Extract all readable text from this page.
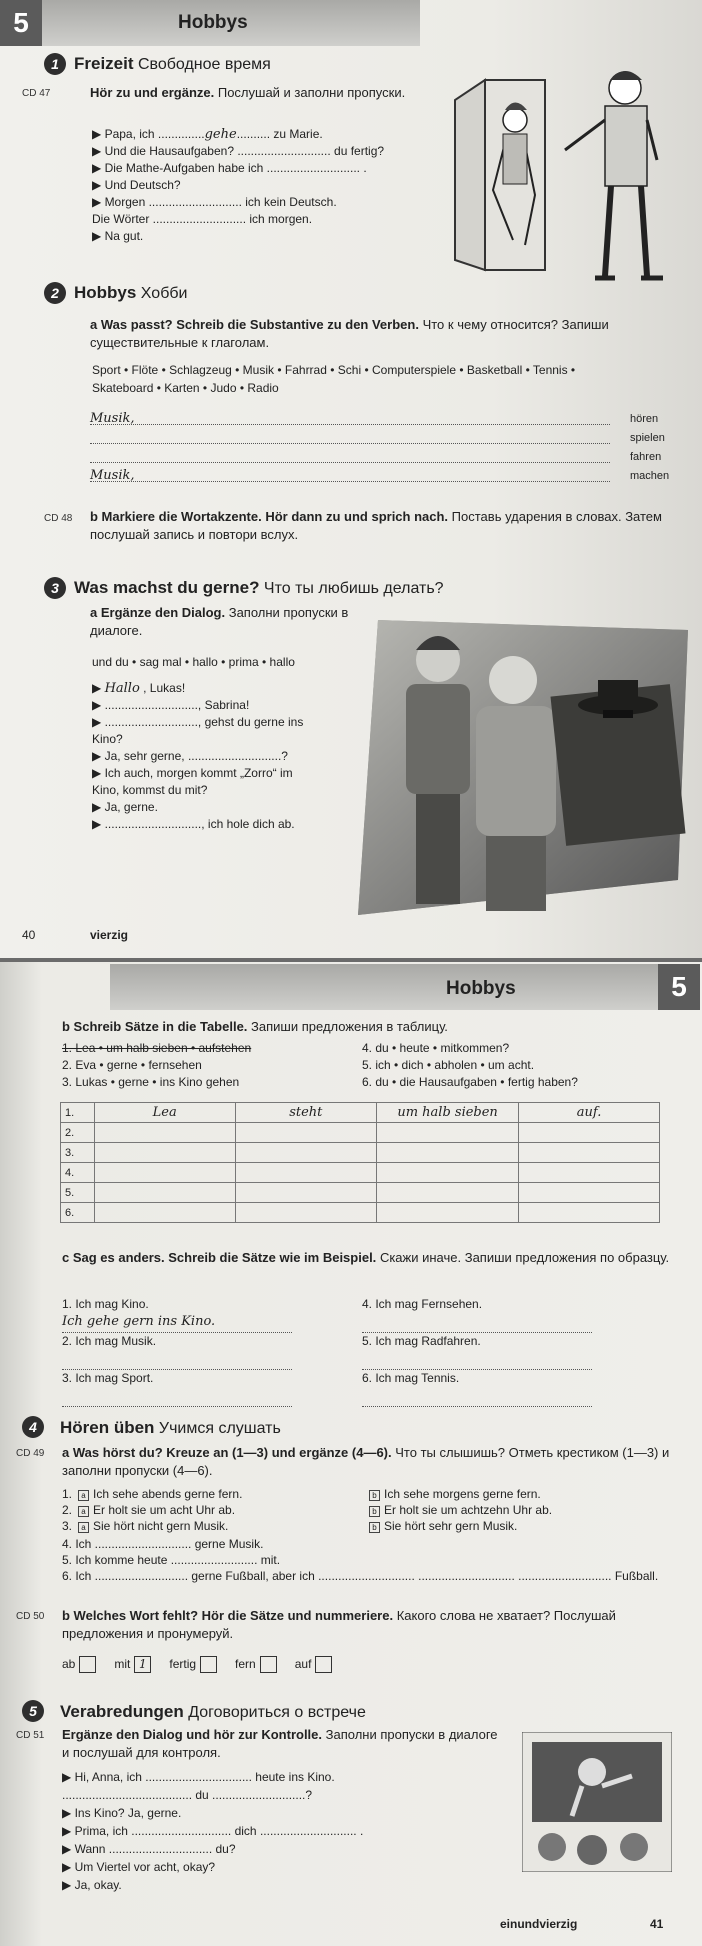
5	Hobbys
1 Freizeit Свободное время
CD 47	Hör zu und ergänze. Послушай и заполни пропуски.
▶ Papa, ich ..............gehe.......... zu Marie.
▶ Und die Hausaufgaben? ............................ du fertig?
▶ Die Mathe-Aufgaben habe ich ............................ .
▶ Und Deutsch?
▶ Morgen ............................ ich kein Deutsch.
Die Wörter ............................ ich morgen.
▶ Na gut.
2 Hobbys Хобби
a Was passt? Schreib die Substantive zu den Verben. Что к чему относится? Запиши существительные к глаголам.
Sport • Flöte • Schlagzeug • Musik • Fahrrad • Schi • Computerspiele • Basketball • Tennis •
Skateboard • Karten • Judo • Radio
Musik,	hören
spielen
fahren
Musik,	machen
CD 48 b Markiere die Wortakzente. Hör dann zu und sprich nach. Поставь ударения в словах. Затем послушай запись и повтори вслух.
3 Was machst du gerne? Что ты любишь делать?
a Ergänze den Dialog. Заполни пропуски в диалоге.
und du • sag mal • hallo • prima • hallo
▶ Hallo , Lukas!
▶ ............................, Sabrina!
▶ ............................, gehst du gerne ins
Kino?
▶ Ja, sehr gerne, ............................?
▶ Ich auch, morgen kommt „Zorro“ im
Kino, kommst du mit?
▶ Ja, gerne.
▶ ............................., ich hole dich ab.
40	vierzig
5
Hobbys
b Schreib Sätze in die Tabelle. Запиши предложения в таблицу.
1. Lea • um halb sieben • aufstehen
2. Eva • gerne • fernsehen
3. Lukas • gerne • ins Kino gehen
4. du • heute • mitkommen?
5. ich • dich • abholen • um acht.
6. du • die Hausaufgaben • fertig haben?
1.	Lea	steht	um halb sieben	auf.
2.				
3.				
4.				
5.				
6.				
c Sag es anders. Schreib die Sätze wie im Beispiel. Скажи иначе. Запиши предложения по образцу.
1. Ich mag Kino.
Ich gehe gern ins Kino.
2. Ich mag Musik.
3. Ich mag Sport.
4. Ich mag Fernsehen.
5. Ich mag Radfahren.
6. Ich mag Tennis.
4	Hören üben Учимся слушать
CD 49 a Was hörst du? Kreuze an (1—3) und ergänze (4—6). Что ты слышишь? Отметь крестиком (1—3) и заполни пропуски (4—6).
1. a Ich sehe abends gerne fern.	b Ich sehe morgens gerne fern.
2. a Er holt sie um acht Uhr ab.	b Er holt sie um achtzehn Uhr ab.
3. a Sie hört nicht gern Musik.	b Sie hört sehr gern Musik.
4. Ich ............................. gerne Musik.
5. Ich komme heute .......................... mit.
6. Ich ............................ gerne Fußball, aber ich ............................. ............................. ............................ Fußball.
CD 50 b Welches Wort fehlt? Hör die Sätze und nummeriere. Какого слова не хватает? Послушай предложения и пронумеруй.
ab	mit 1 fertig	fern	auf
5	Verabredungen Договориться о встрече
CD 51 Ergänze den Dialog und hör zur Kontrolle. Заполни пропуски в диалоге и послушай для контроля.
▶ Hi, Anna, ich ................................ heute ins Kino.
....................................... du ............................?
▶ Ins Kino? Ja, gerne.
▶ Prima, ich .............................. dich ............................. .
▶ Wann ............................... du?
▶ Um Viertel vor acht, okay?
▶ Ja, okay.
einundvierzig	41
